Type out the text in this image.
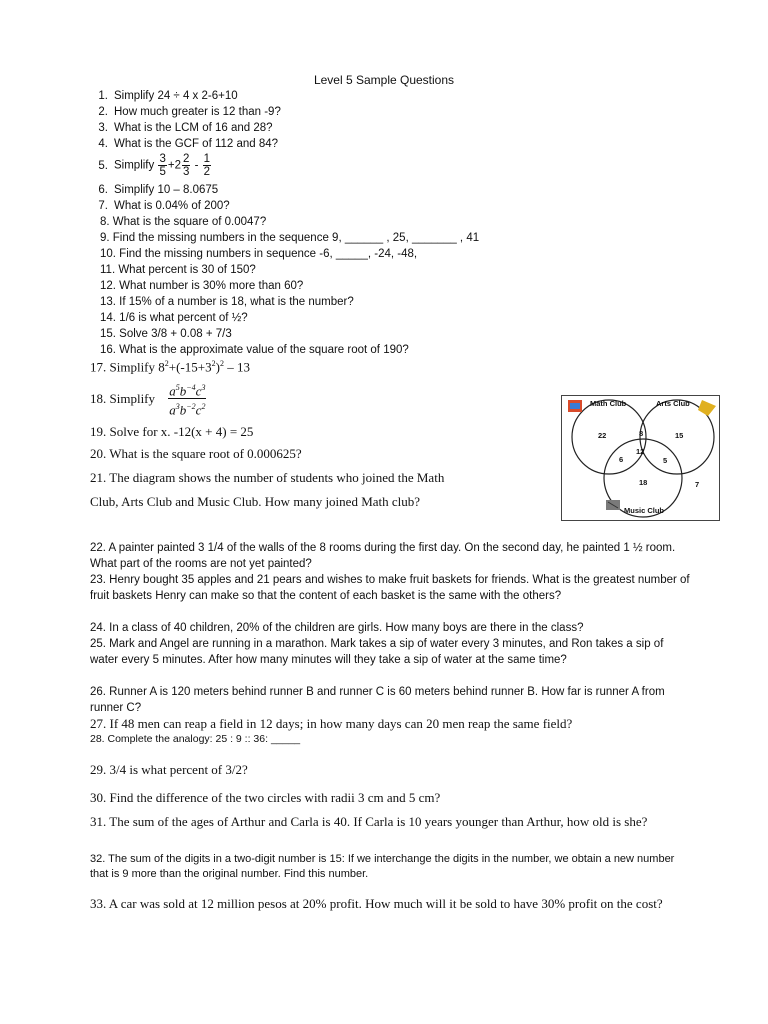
Level 5 Sample Questions
1. Simplify 24 ÷ 4 x 2-6+10
2. How much greater is 12 than -9?
3. What is the LCM of 16 and 28?
4. What is the GCF of 112 and 84?
5. Simplify $\frac{3}{5} +2 \frac{2}{3} - \frac{1}{2}$
6. Simplify 10 – 8.0675
7. What is 0.04% of 200?
8. What is the square of 0.0047?
9. Find the missing numbers in the sequence 9, ______ , 25, _______ , 41
10. Find the missing numbers in sequence -6, _____, -24, -48,
11. What percent is 30 of 150?
12. What number is 30% more than 60?
13. If 15% of a number is 18, what is the number?
14. 1/6 is what percent of ½?
15. Solve 3/8 + 0.08 + 7/3
16. What is the approximate value of the square root of 190?
17. Simplify $8^2+(-15+3^2)^2 - 13$
18. Simplify $\frac{a^5b^{-4}c^3}{a^3b^{-2}c^2}$
19. Solve for x. -12(x + 4) = 25
20. What is the square root of 0.000625?
21. The diagram shows the number of students who joined the Math
Club, Arts Club and Music Club. How many joined Math club?
Math Club	Arts Club
Music Club
22	8	15
12
6	5
18	7
22. A painter painted 3 1/4 of the walls of the 8 rooms during the first day. On the second day, he painted 1 ½ room. What part of the rooms are not yet painted?
23. Henry bought 35 apples and 21 pears and wishes to make fruit baskets for friends. What is the greatest number of fruit baskets Henry can make so that the content of each basket is the same with the others?
24. In a class of 40 children, 20% of the children are girls. How many boys are there in the class?
25. Mark and Angel are running in a marathon. Mark takes a sip of water every 3 minutes, and Ron takes a sip of water every 5 minutes. After how many minutes will they take a sip of water at the same time?
26. Runner A is 120 meters behind runner B and runner C is 60 meters behind runner B. How far is runner A from runner C?
27. If 48 men can reap a field in 12 days; in how many days can 20 men reap the same field?
28. Complete the analogy: 25 : 9 :: 36: _____
29. 3/4 is what percent of 3/2?
30. Find the difference of the two circles with radii 3 cm and 5 cm?
31. The sum of the ages of Arthur and Carla is 40. If Carla is 10 years younger than Arthur, how old is she?
32. The sum of the digits in a two-digit number is 15: If we interchange the digits in the number, we obtain a new number that is 9 more than the original number. Find this number.
33. A car was sold at 12 million pesos at 20% profit. How much will it be sold to have 30% profit on the cost?
